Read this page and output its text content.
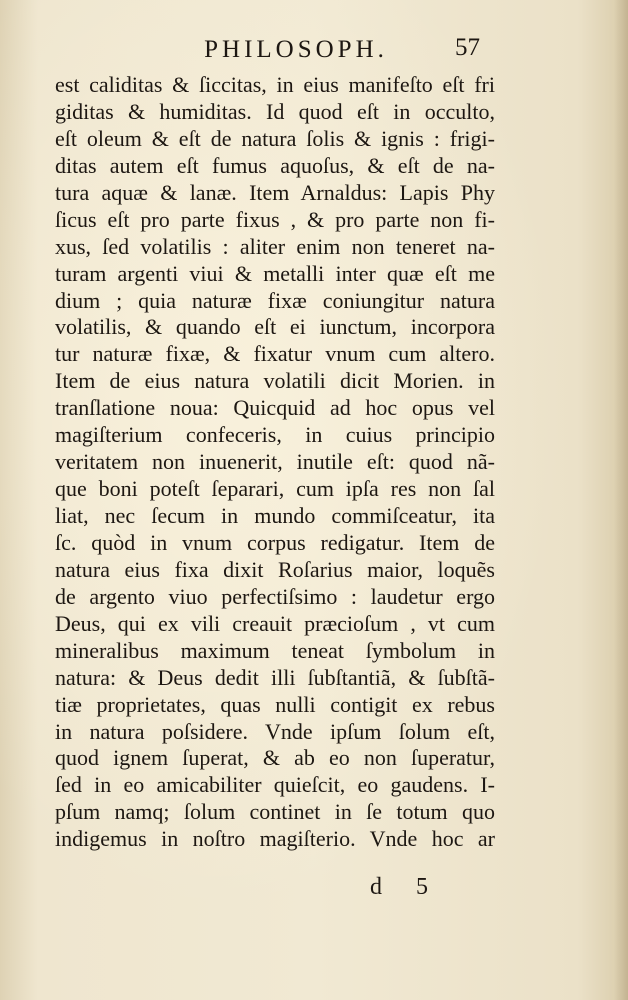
PHILOSOPH.	57
est caliditas & ſiccitas, in eius manifeſto eſt fri
giditas & humiditas. Id quod eſt in occulto,
eſt oleum & eſt de natura ſolis & ignis : frigi-
ditas autem eſt fumus aquoſus, & eſt de na-
tura aquæ & lanæ. Item Arnaldus: Lapis Phy
ſicus eſt pro parte fixus , & pro parte non fi-
xus, ſed volatilis : aliter enim non teneret na-
turam argenti viui & metalli inter quæ eſt me
dium ; quia naturæ fixæ coniungitur natura
volatilis, & quando eſt ei iunctum, incorpora
tur naturæ fixæ, & fixatur vnum cum altero.
Item de eius natura volatili dicit Morien. in
tranſlatione noua: Quicquid ad hoc opus vel
magiſterium confeceris, in cuius principio
veritatem non inuenerit, inutile eſt: quod nã-
que boni poteſt ſeparari, cum ipſa res non ſal
liat, nec ſecum in mundo commiſceatur, ita
ſc. quòd in vnum corpus redigatur. Item de
natura eius fixa dixit Roſarius maior, loquẽs
de argento viuo perfectiſsimo : laudetur ergo
Deus, qui ex vili creauit præcioſum , vt cum
mineralibus maximum teneat ſymbolum in
natura: & Deus dedit illi ſubſtantiã, & ſubſtã-
tiæ proprietates, quas nulli contigit ex rebus
in natura poſsidere. Vnde ipſum ſolum eſt,
quod ignem ſuperat, & ab eo non ſuperatur,
ſed in eo amicabiliter quieſcit, eo gaudens. I-
pſum namq; ſolum continet in ſe totum quo
indigemus in noſtro magiſterio. Vnde hoc ar
d 5
